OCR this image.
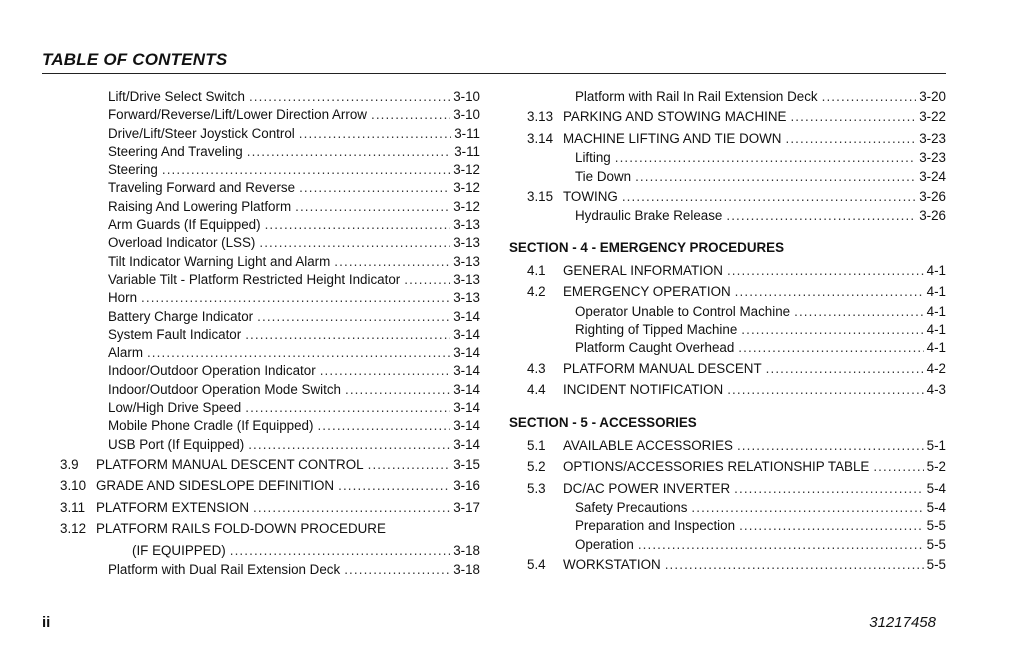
TABLE OF CONTENTS
Lift/Drive Select Switch . . .	3-10
Forward/Reverse/Lift/Lower Direction Arrow . . .	3-10
Drive/Lift/Steer Joystick Control . . .	3-11
Steering And Traveling . . .	3-11
Steering . . .	3-12
Traveling Forward and Reverse . . .	3-12
Raising And Lowering Platform . . .	3-12
Arm Guards (If Equipped) . . .	3-13
Overload Indicator (LSS) . . .	3-13
Tilt Indicator Warning Light and Alarm . . .	3-13
Variable Tilt - Platform Restricted Height Indicator . . .	3-13
Horn . . .	3-13
Battery Charge Indicator . . .	3-14
System Fault Indicator . . .	3-14
Alarm . . .	3-14
Indoor/Outdoor Operation Indicator . . .	3-14
Indoor/Outdoor Operation Mode Switch . . .	3-14
Low/High Drive Speed . . .	3-14
Mobile Phone Cradle (If Equipped) . . .	3-14
USB Port (If Equipped) . . .	3-14
3.9	PLATFORM MANUAL DESCENT CONTROL . . .	3-15
3.10 GRADE AND SIDESLOPE DEFINITION . . .	3-16
3.11 PLATFORM EXTENSION . . .	3-17
3.12 PLATFORM RAILS FOLD-DOWN PROCEDURE
(IF EQUIPPED) . . .	3-18
Platform with Dual Rail Extension Deck . . .	3-18
Platform with Rail In Rail Extension Deck . . .	3-20
3.13 PARKING AND STOWING MACHINE . . .	3-22
3.14 MACHINE LIFTING AND TIE DOWN . . .	3-23
Lifting . . .	3-23
Tie Down . . .	3-24
3.15 TOWING . . .	3-26
Hydraulic Brake Release . . .	3-26
SECTION - 4 - EMERGENCY PROCEDURES
4.1 GENERAL INFORMATION . . .	4-1
4.2 EMERGENCY OPERATION . . .	4-1
Operator Unable to Control Machine . . .	4-1
Righting of Tipped Machine . . .	4-1
Platform Caught Overhead . . .	4-1
4.3 PLATFORM MANUAL DESCENT . . .	4-2
4.4 INCIDENT NOTIFICATION . . .	4-3
SECTION - 5 - ACCESSORIES
5.1 AVAILABLE ACCESSORIES . . .	5-1
5.2 OPTIONS/ACCESSORIES RELATIONSHIP TABLE . . .	5-2
5.3 DC/AC POWER INVERTER . . .	5-4
Safety Precautions . . .	5-4
Preparation and Inspection . . .	5-5
Operation . . .	5-5
5.4 WORKSTATION . . .	5-5
ii	31217458
